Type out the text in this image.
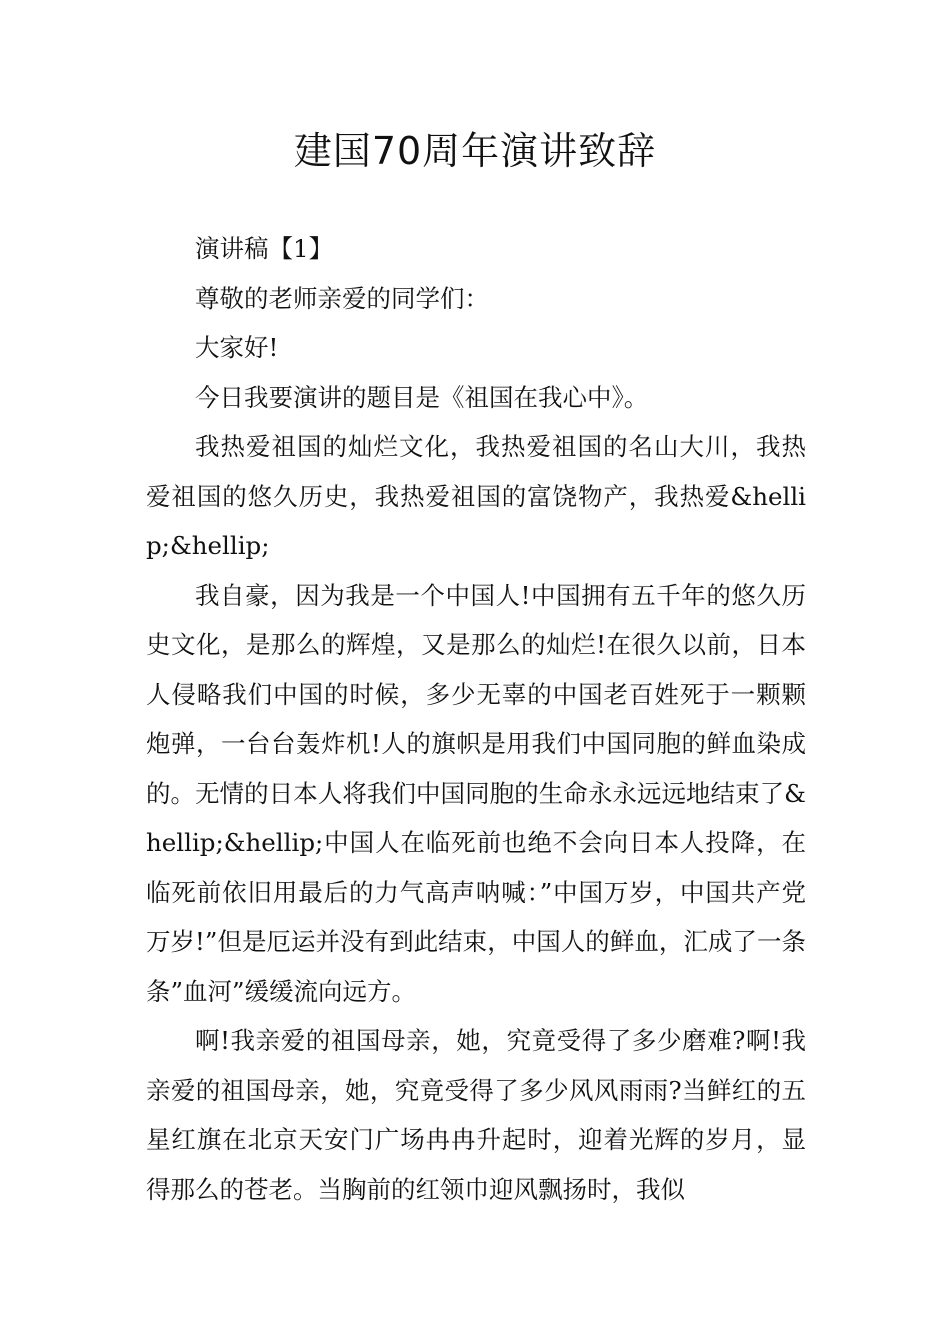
建国70周年演讲致辞

演讲稿【1】

尊敬的老师亲爱的同学们：

大家好!

今日我要演讲的题目是《祖国在我心中》。

我热爱祖国的灿烂文化，我热爱祖国的名山大川，我热爱祖国的悠久历史，我热爱祖国的富饶物产，我热爱&hellip;&hellip;

我自豪，因为我是一个中国人!中国拥有五千年的悠久历史文化，是那么的辉煌，又是那么的灿烂!在很久以前，日本人侵略我们中国的时候，多少无辜的中国老百姓死于一颗颗炮弹，一台台轰炸机!人的旗帜是用我们中国同胞的鲜血染成的。无情的日本人将我们中国同胞的生命永永远远地结束了&hellip;&hellip;中国人在临死前也绝不会向日本人投降，在临死前依旧用最后的力气高声呐喊：”中国万岁，中国共产党万岁!”但是厄运并没有到此结束，中国人的鲜血，汇成了一条条”血河”缓缓流向远方。

啊!我亲爱的祖国母亲，她，究竟受得了多少磨难?啊!我亲爱的祖国母亲，她，究竟受得了多少风风雨雨?当鲜红的五星红旗在北京天安门广场冉冉升起时，迎着光辉的岁月，显得那么的苍老。当胸前的红领巾迎风飘扬时，我似
